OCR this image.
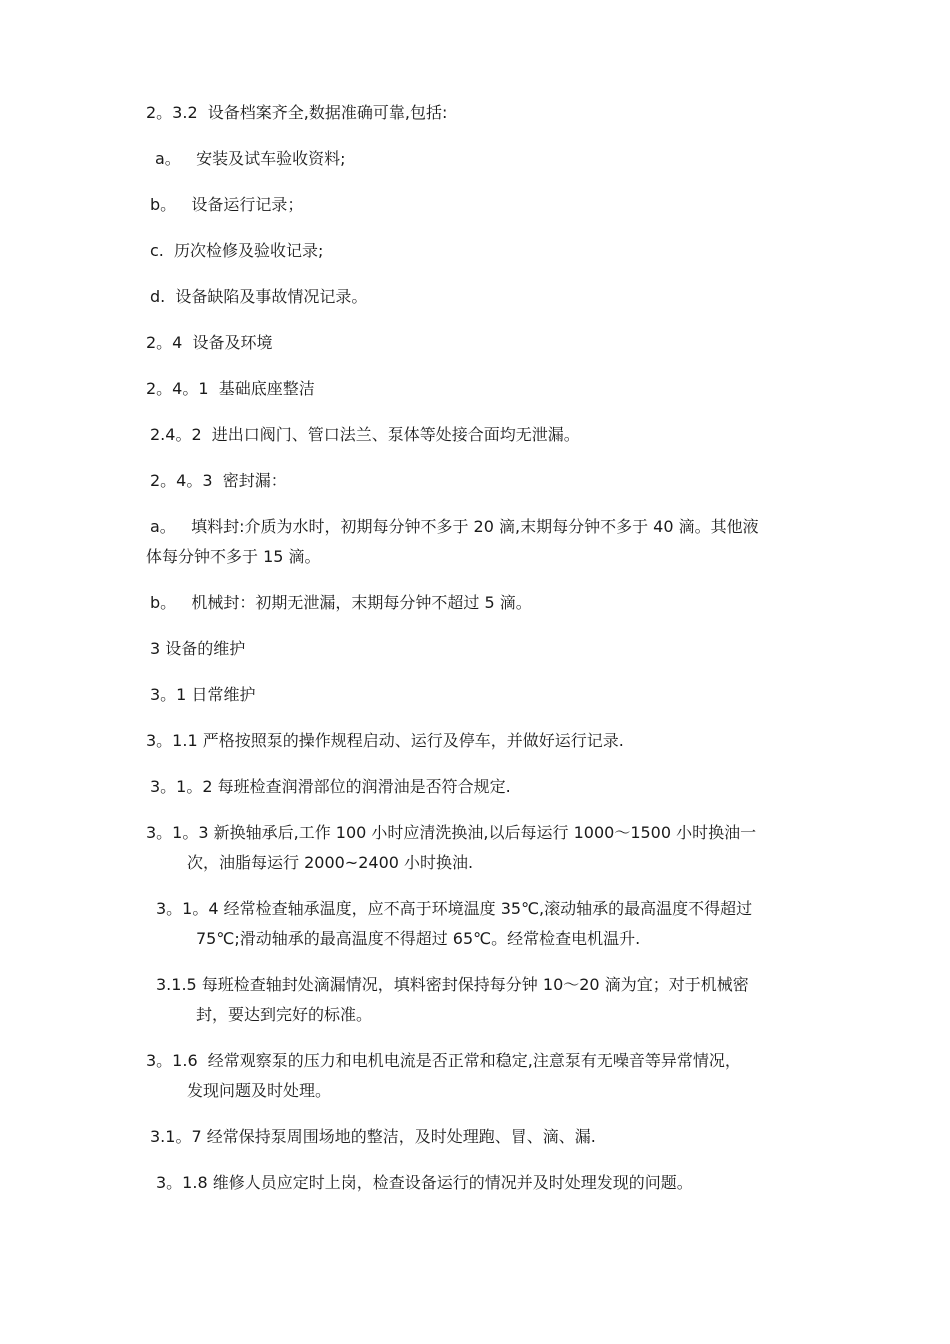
2。3.2  设备档案齐全,数据准确可靠,包括:
a。   安装及试车验收资料;
b。   设备运行记录；
c.  历次检修及验收记录;
d.  设备缺陷及事故情况记录。
2。4  设备及环境
2。4。1  基础底座整洁
2.4。2  进出口阀门、管口法兰、泵体等处接合面均无泄漏。
2。4。3  密封漏：
a。   填料封:介质为水时，初期每分钟不多于 20 滴,末期每分钟不多于 40 滴。其他液
体每分钟不多于 15 滴。
b。   机械封：初期无泄漏，末期每分钟不超过 5 滴。
3 设备的维护
3。1 日常维护
3。1.1 严格按照泵的操作规程启动、运行及停车，并做好运行记录.
3。1。2 每班检查润滑部位的润滑油是否符合规定.
3。1。3 新换轴承后,工作 100 小时应清洗换油,以后每运行 1000～1500 小时换油一
次，油脂每运行 2000~2400 小时换油.
3。1。4 经常检查轴承温度，应不高于环境温度 35℃,滚动轴承的最高温度不得超过
75℃;滑动轴承的最高温度不得超过 65℃。经常检查电机温升.
3.1.5 每班检查轴封处滴漏情况，填料密封保持每分钟 10～20 滴为宜；对于机械密
封，要达到完好的标准。
3。1.6  经常观察泵的压力和电机电流是否正常和稳定,注意泵有无噪音等异常情况，
发现问题及时处理。
3.1。7 经常保持泵周围场地的整洁，及时处理跑、冒、滴、漏.
3。1.8 维修人员应定时上岗，检查设备运行的情况并及时处理发现的问题。
